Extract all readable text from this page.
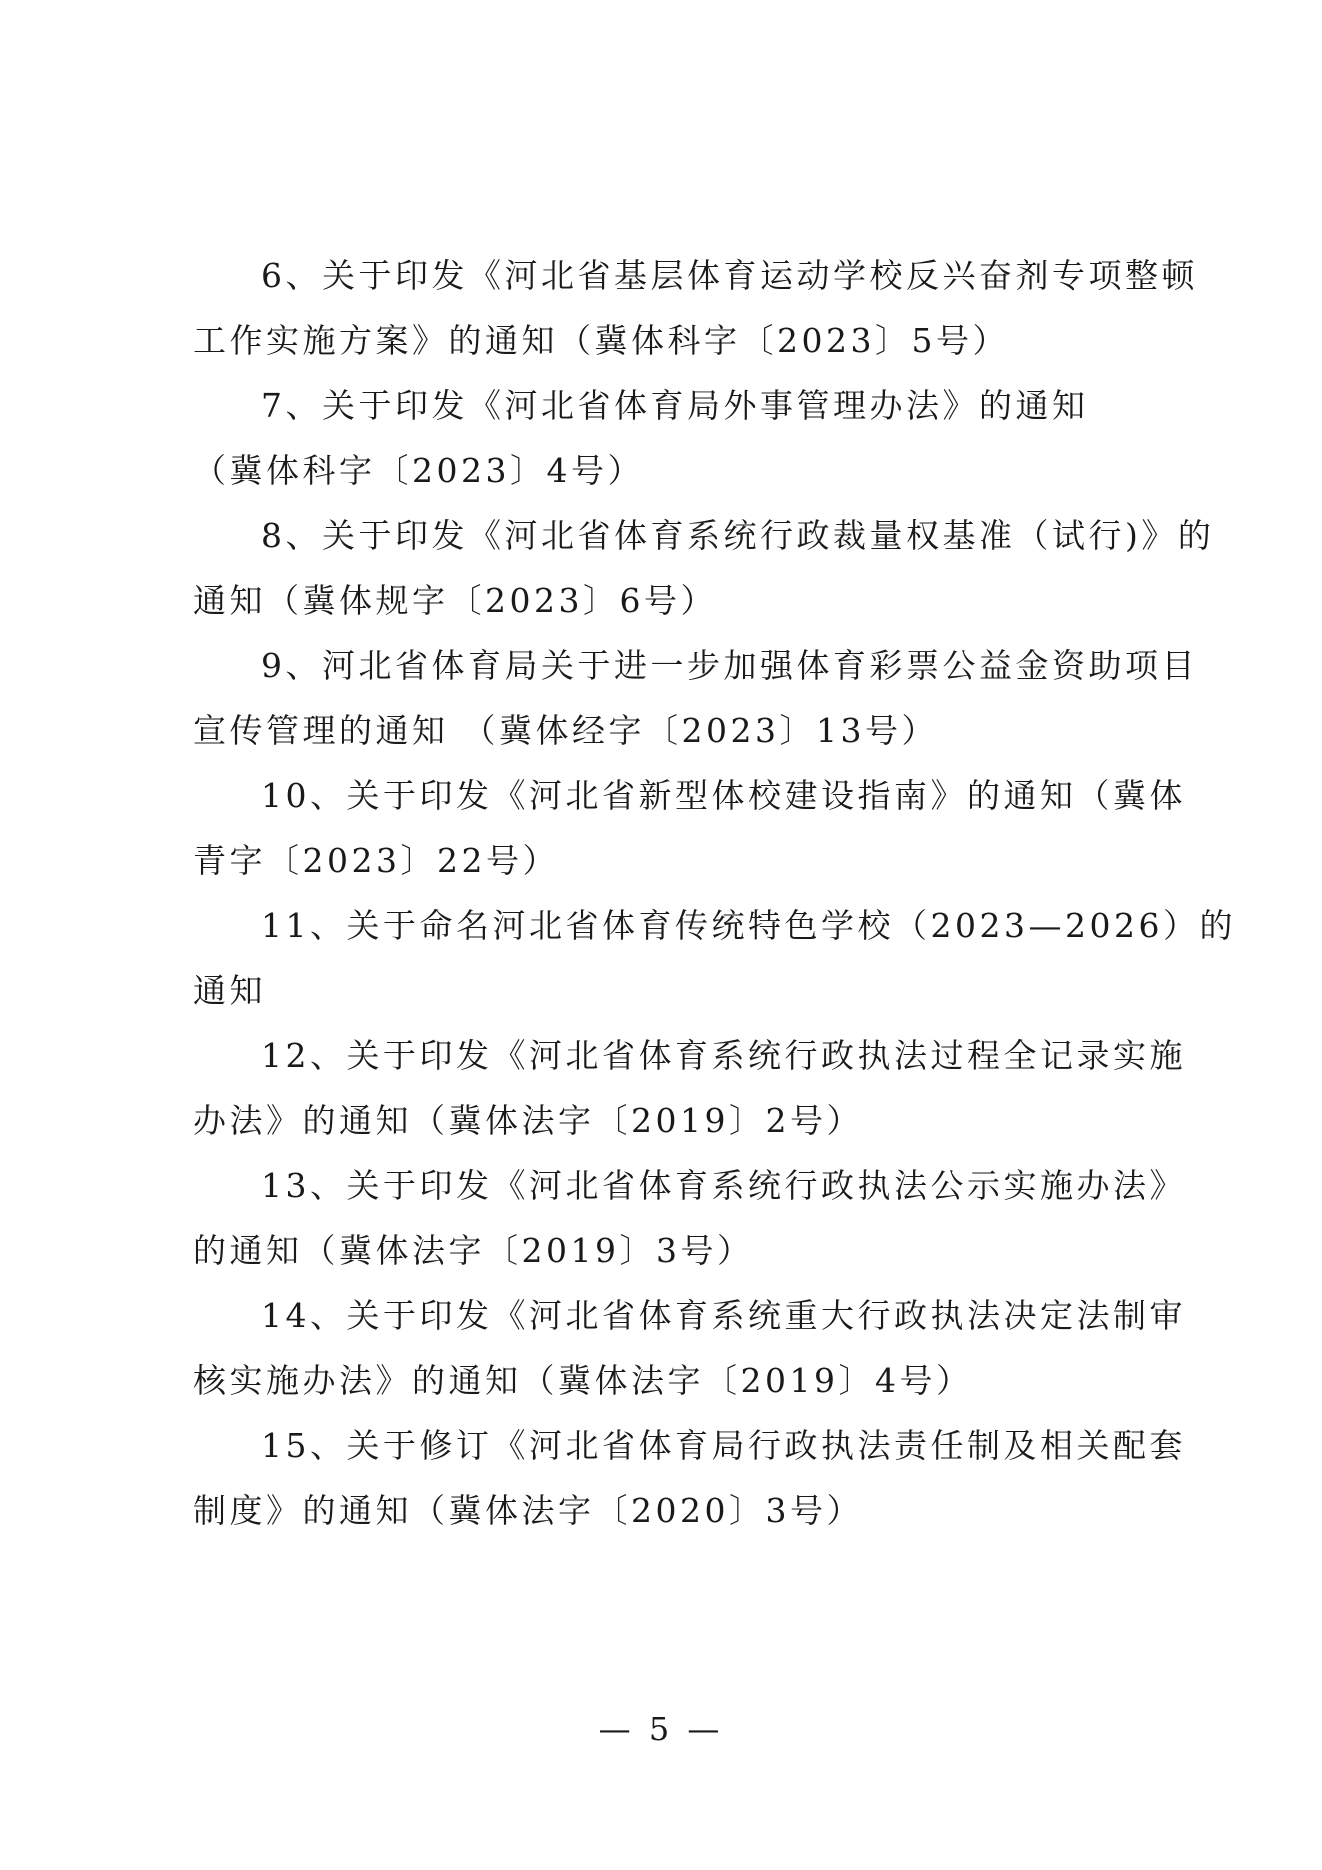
6、关于印发《河北省基层体育运动学校反兴奋剂专项整顿
工作实施方案》的通知（冀体科字〔2023〕5号）
7、关于印发《河北省体育局外事管理办法》的通知
（冀体科字〔2023〕4号）
8、关于印发《河北省体育系统行政裁量权基准（试行)》的
通知（冀体规字〔2023〕6号）
9、河北省体育局关于进一步加强体育彩票公益金资助项目
宣传管理的通知 （冀体经字〔2023〕13号）
10、关于印发《河北省新型体校建设指南》的通知（冀体
青字〔2023〕22号）
11、关于命名河北省体育传统特色学校（2023—2026）的
通知
12、关于印发《河北省体育系统行政执法过程全记录实施
办法》的通知（冀体法字〔2019〕2号）
13、关于印发《河北省体育系统行政执法公示实施办法》
的通知（冀体法字〔2019〕3号）
14、关于印发《河北省体育系统重大行政执法决定法制审
核实施办法》的通知（冀体法字〔2019〕4号）
15、关于修订《河北省体育局行政执法责任制及相关配套
制度》的通知（冀体法字〔2020〕3号）
— 5 —
